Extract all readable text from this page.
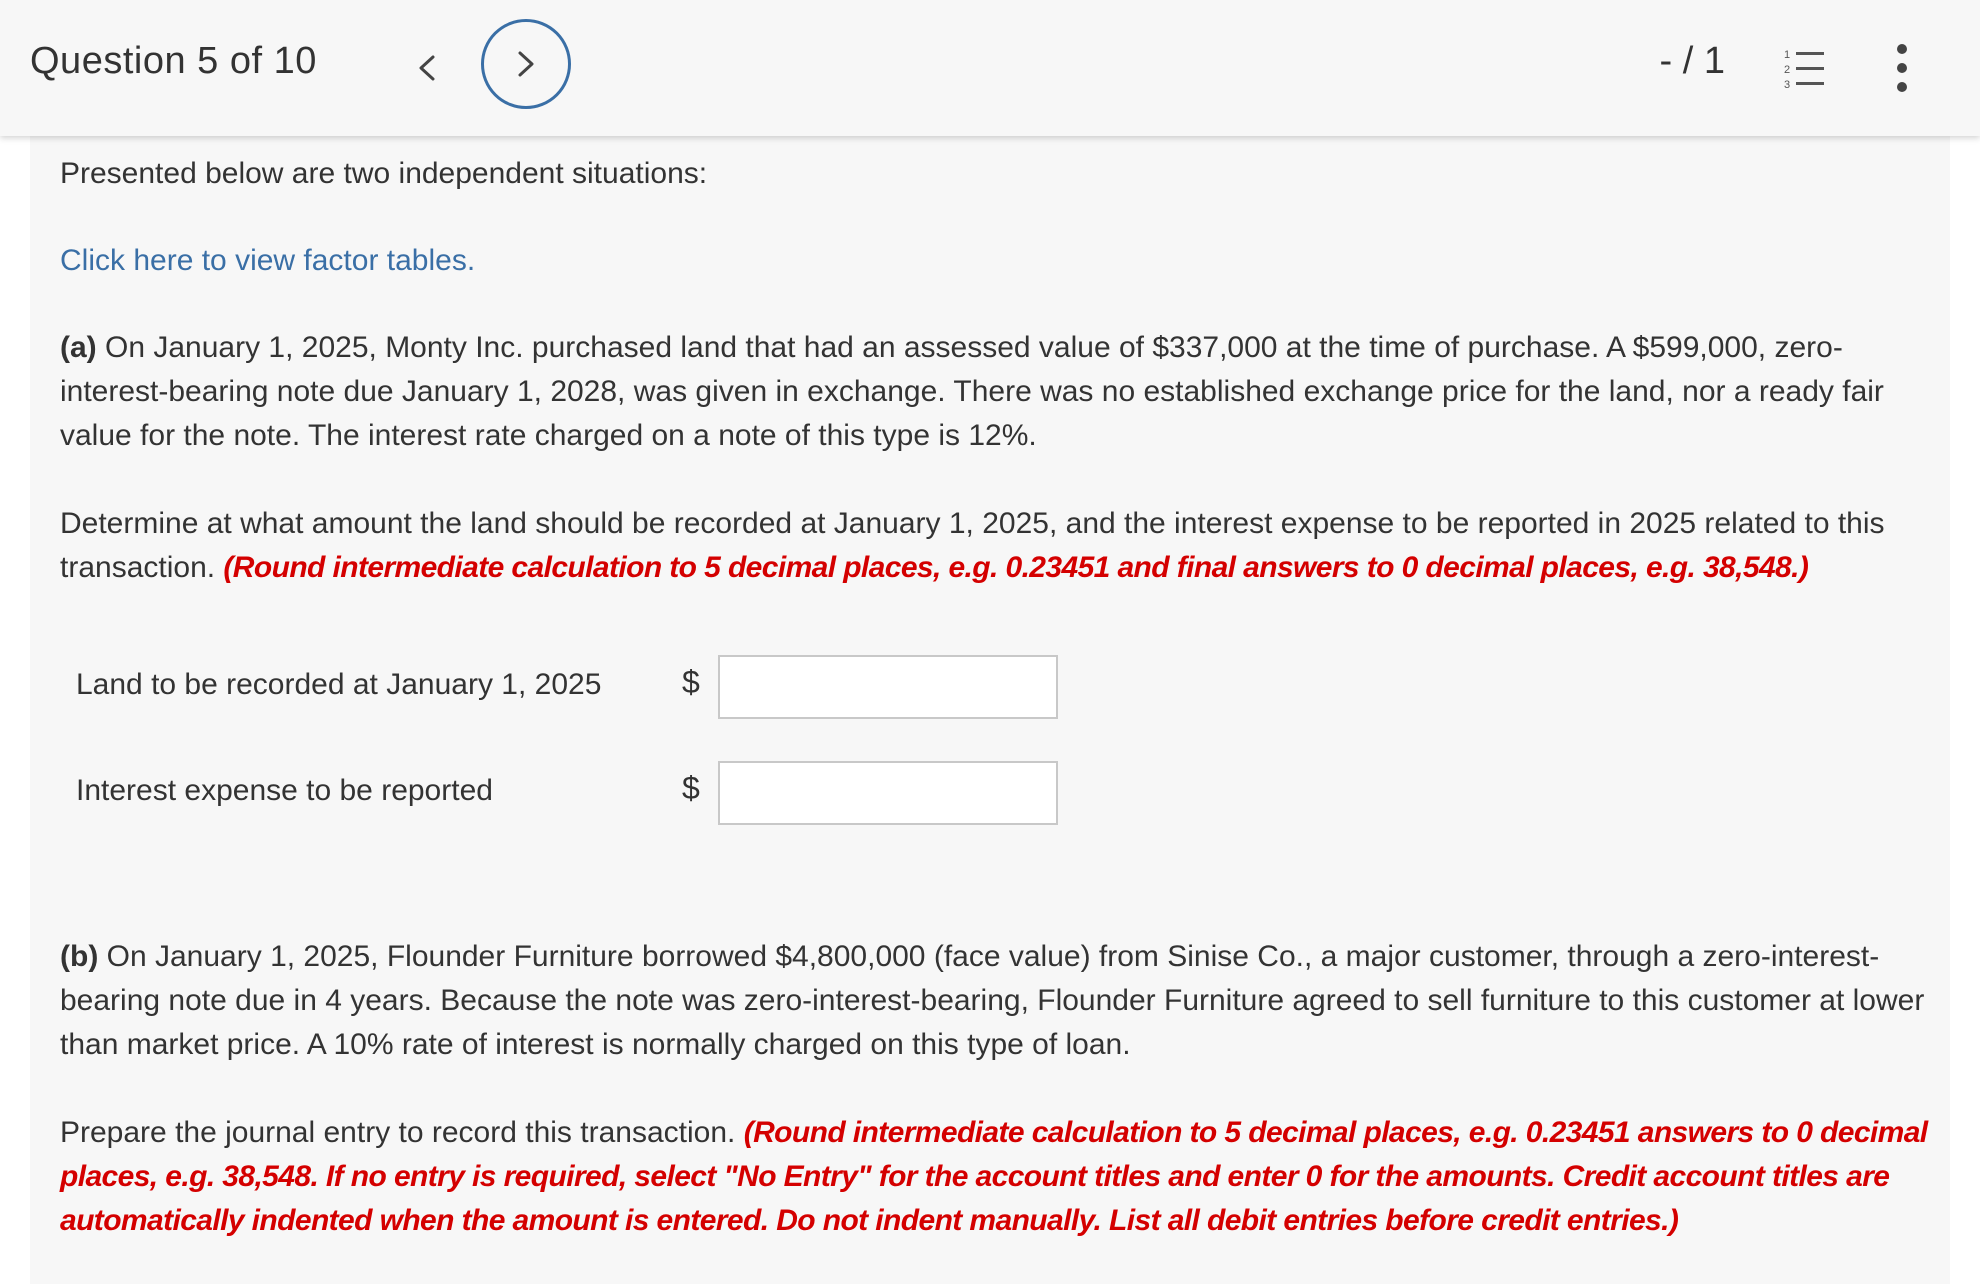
Question 5 of 10	- / 1	1
2
3
Presented below are two independent situations:
Click here to view factor tables.
(a) On January 1, 2025, Monty Inc. purchased land that had an assessed value of $337,000 at the time of purchase. A $599,000, zero-interest-bearing note due January 1, 2028, was given in exchange. There was no established exchange price for the land, nor a ready fair value for the note. The interest rate charged on a note of this type is 12%.
Determine at what amount the land should be recorded at January 1, 2025, and the interest expense to be reported in 2025 related to this transaction. (Round intermediate calculation to 5 decimal places, e.g. 0.23451 and final answers to 0 decimal places, e.g. 38,548.)
Land to be recorded at January 1, 2025	$
Interest expense to be reported	$
(b) On January 1, 2025, Flounder Furniture borrowed $4,800,000 (face value) from Sinise Co., a major customer, through a zero-interest-bearing note due in 4 years. Because the note was zero-interest-bearing, Flounder Furniture agreed to sell furniture to this customer at lower than market price. A 10% rate of interest is normally charged on this type of loan.
Prepare the journal entry to record this transaction. (Round intermediate calculation to 5 decimal places, e.g. 0.23451 answers to 0 decimal places, e.g. 38,548. If no entry is required, select "No Entry" for the account titles and enter 0 for the amounts. Credit account titles are automatically indented when the amount is entered. Do not indent manually. List all debit entries before credit entries.)
